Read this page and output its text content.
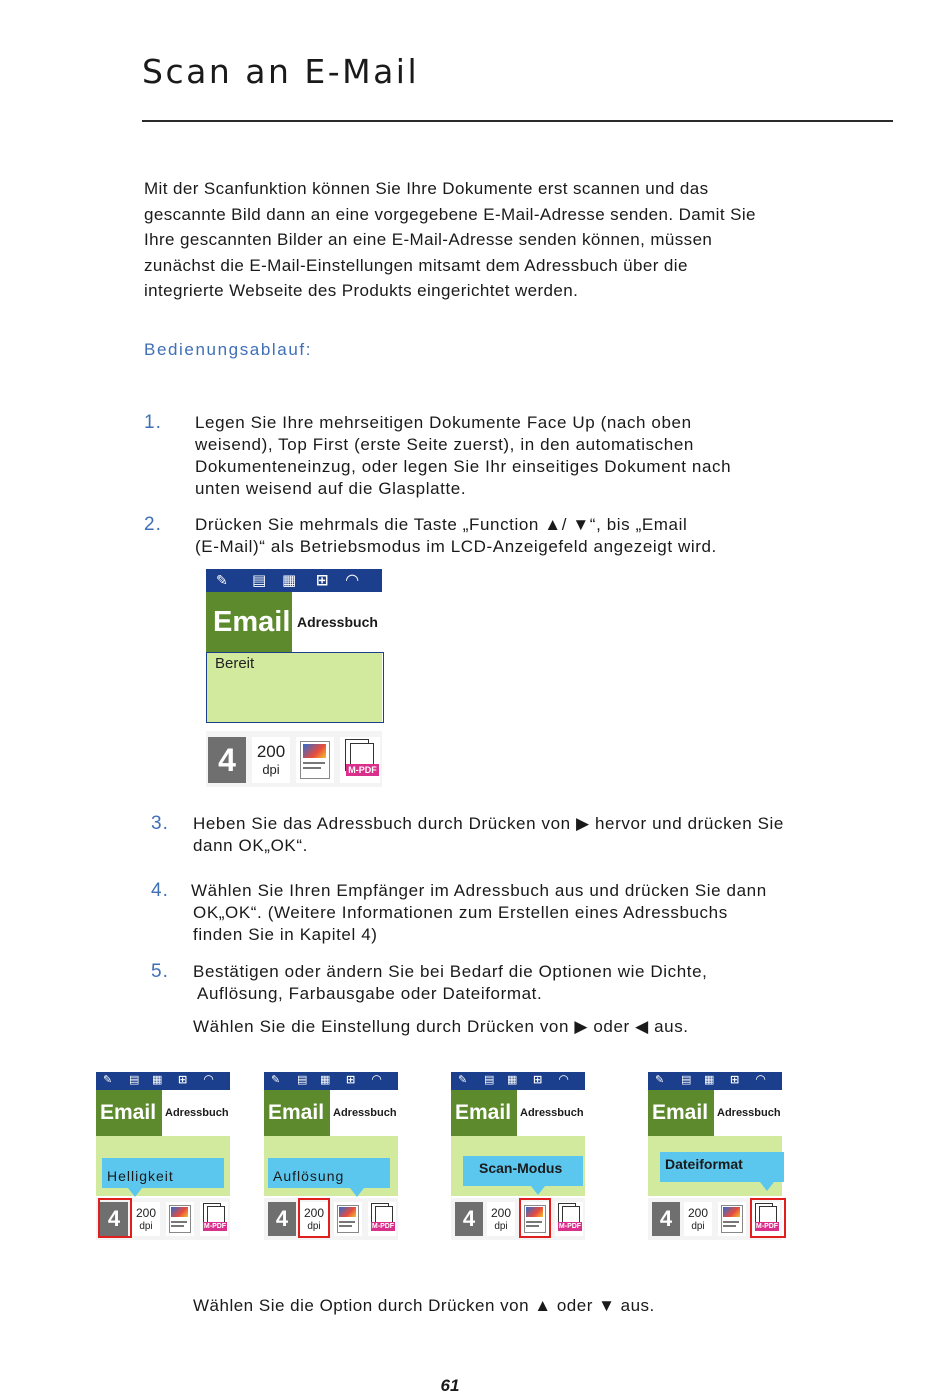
Scan an E-Mail

Mit der Scanfunktion können Sie Ihre Dokumente erst scannen und das

gescannte Bild dann an eine vorgegebene E-Mail-Adresse senden. Damit Sie

Ihre gescannten Bilder an eine E-Mail-Adresse senden können, müssen

zunächst die E-Mail-Einstellungen mitsamt dem Adressbuch über die

integrierte Webseite des Produkts eingerichtet werden.

Bedienungsablauf:
1. Legen Sie Ihre mehrseitigen Dokumente Face Up (nach oben
weisend), Top First (erste Seite zuerst), in den automatischen
Dokumenteneinzug, oder legen Sie Ihr einseitiges Dokument nach
unten weisend auf die Glasplatte.
2. Drücken Sie mehrmals die Taste „Function ▲/ ▼“, bis „Email
(E-Mail)“ als Betriebsmodus im LCD-Anzeigefeld angezeigt wird.
✎ ▤ ▦ ⊞ ◠
Email Adressbuch
Bereit
4	200
dpi	M-PDF
3. Heben Sie das Adressbuch durch Drücken von ▶ hervor und drücken Sie
dann OK„OK“.
4. Wählen Sie Ihren Empfänger im Adressbuch aus und drücken Sie dann
OK„OK“. (Weitere Informationen zum Erstellen eines Adressbuchs
finden Sie in Kapitel 4)
5. Bestätigen oder ändern Sie bei Bedarf die Optionen wie Dichte,
Auflösung, Farbausgabe oder Dateiformat.
Wählen Sie die Einstellung durch Drücken von ▶ oder ◀ aus.
✎ ▤ ▦ ⊞ ◠
Email Adressbuch
Helligkeit
4	200
dpi	M-PDF
✎ ▤ ▦ ⊞ ◠
Email Adressbuch
Auflösung
4	200
dpi	M-PDF
✎ ▤ ▦ ⊞ ◠
Email Adressbuch
Scan-Modus
4	200
dpi	M-PDF
✎ ▤ ▦ ⊞ ◠
Email Adressbuch
Dateiformat
4	200
dpi	M-PDF
Wählen Sie die Option durch Drücken von ▲ oder ▼ aus.
61
